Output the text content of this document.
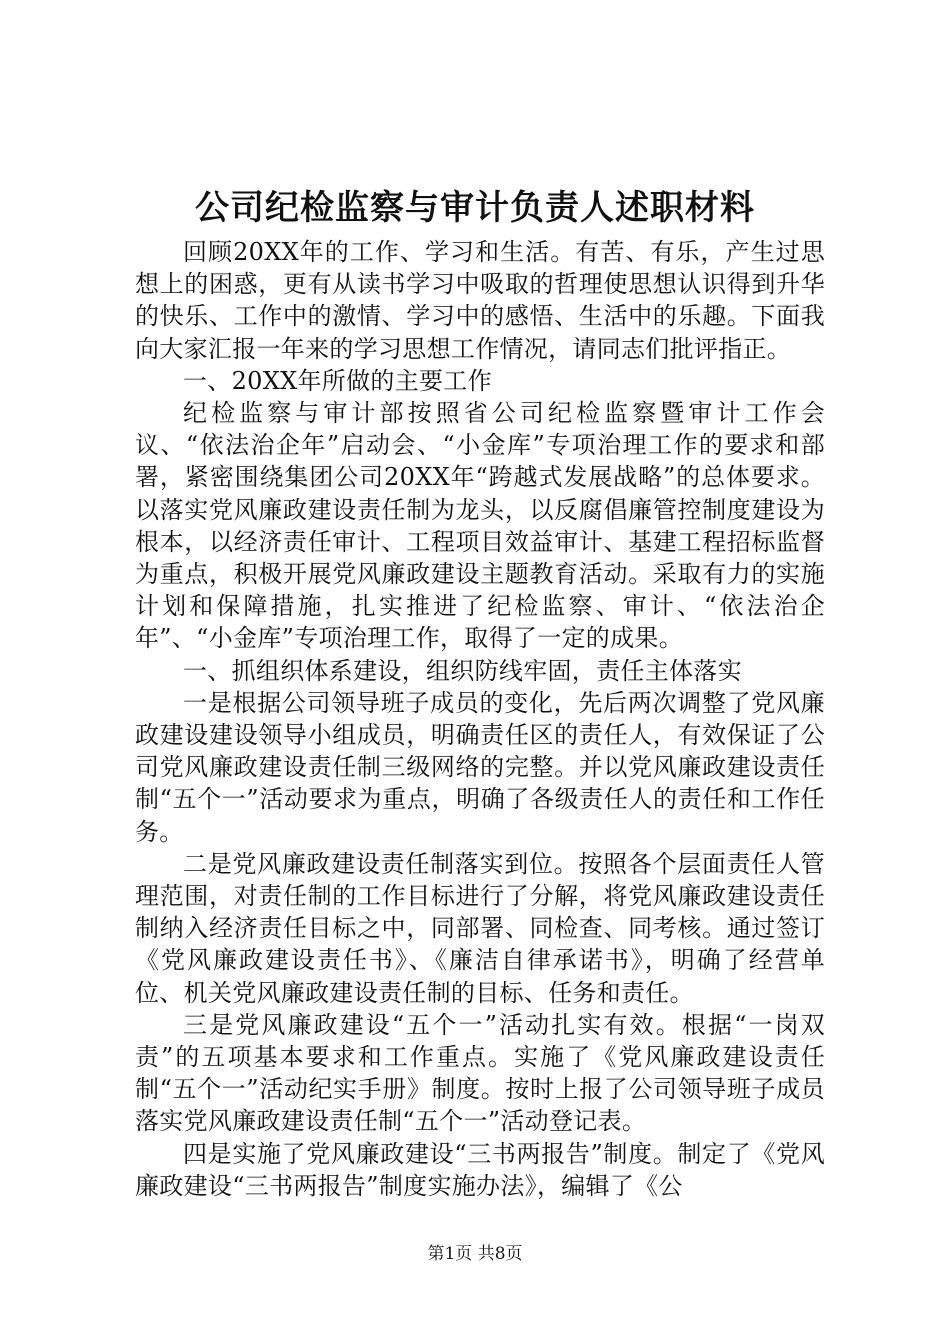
公司纪检监察与审计负责人述职材料

回顾20XX年的工作、学习和生活。有苦、有乐，产生过思想上的困惑，更有从读书学习中吸取的哲理使思想认识得到升华的快乐、工作中的激情、学习中的感悟、生活中的乐趣。下面我向大家汇报一年来的学习思想工作情况，请同志们批评指正。

一、20XX年所做的主要工作

纪检监察与审计部按照省公司纪检监察暨审计工作会议、“依法治企年”启动会、“小金库”专项治理工作的要求和部署，紧密围绕集团公司20XX年“跨越式发展战略”的总体要求。以落实党风廉政建设责任制为龙头，以反腐倡廉管控制度建设为根本，以经济责任审计、工程项目效益审计、基建工程招标监督为重点，积极开展党风廉政建设主题教育活动。采取有力的实施计划和保障措施，扎实推进了纪检监察、审计、“依法治企年”、“小金库”专项治理工作，取得了一定的成果。

一、抓组织体系建设，组织防线牢固，责任主体落实

一是根据公司领导班子成员的变化，先后两次调整了党风廉政建设建设领导小组成员，明确责任区的责任人，有效保证了公司党风廉政建设责任制三级网络的完整。并以党风廉政建设责任制“五个一”活动要求为重点，明确了各级责任人的责任和工作任务。

二是党风廉政建设责任制落实到位。按照各个层面责任人管理范围，对责任制的工作目标进行了分解，将党风廉政建设责任制纳入经济责任目标之中，同部署、同检查、同考核。通过签订《党风廉政建设责任书》、《廉洁自律承诺书》，明确了经营单位、机关党风廉政建设责任制的目标、任务和责任。

三是党风廉政建设“五个一”活动扎实有效。根据“一岗双责”的五项基本要求和工作重点。实施了《党风廉政建设责任制“五个一”活动纪实手册》制度。按时上报了公司领导班子成员落实党风廉政建设责任制“五个一”活动登记表。

四是实施了党风廉政建设“三书两报告”制度。制定了《党风廉政建设“三书两报告”制度实施办法》，编辑了《公

第1页 共8页
